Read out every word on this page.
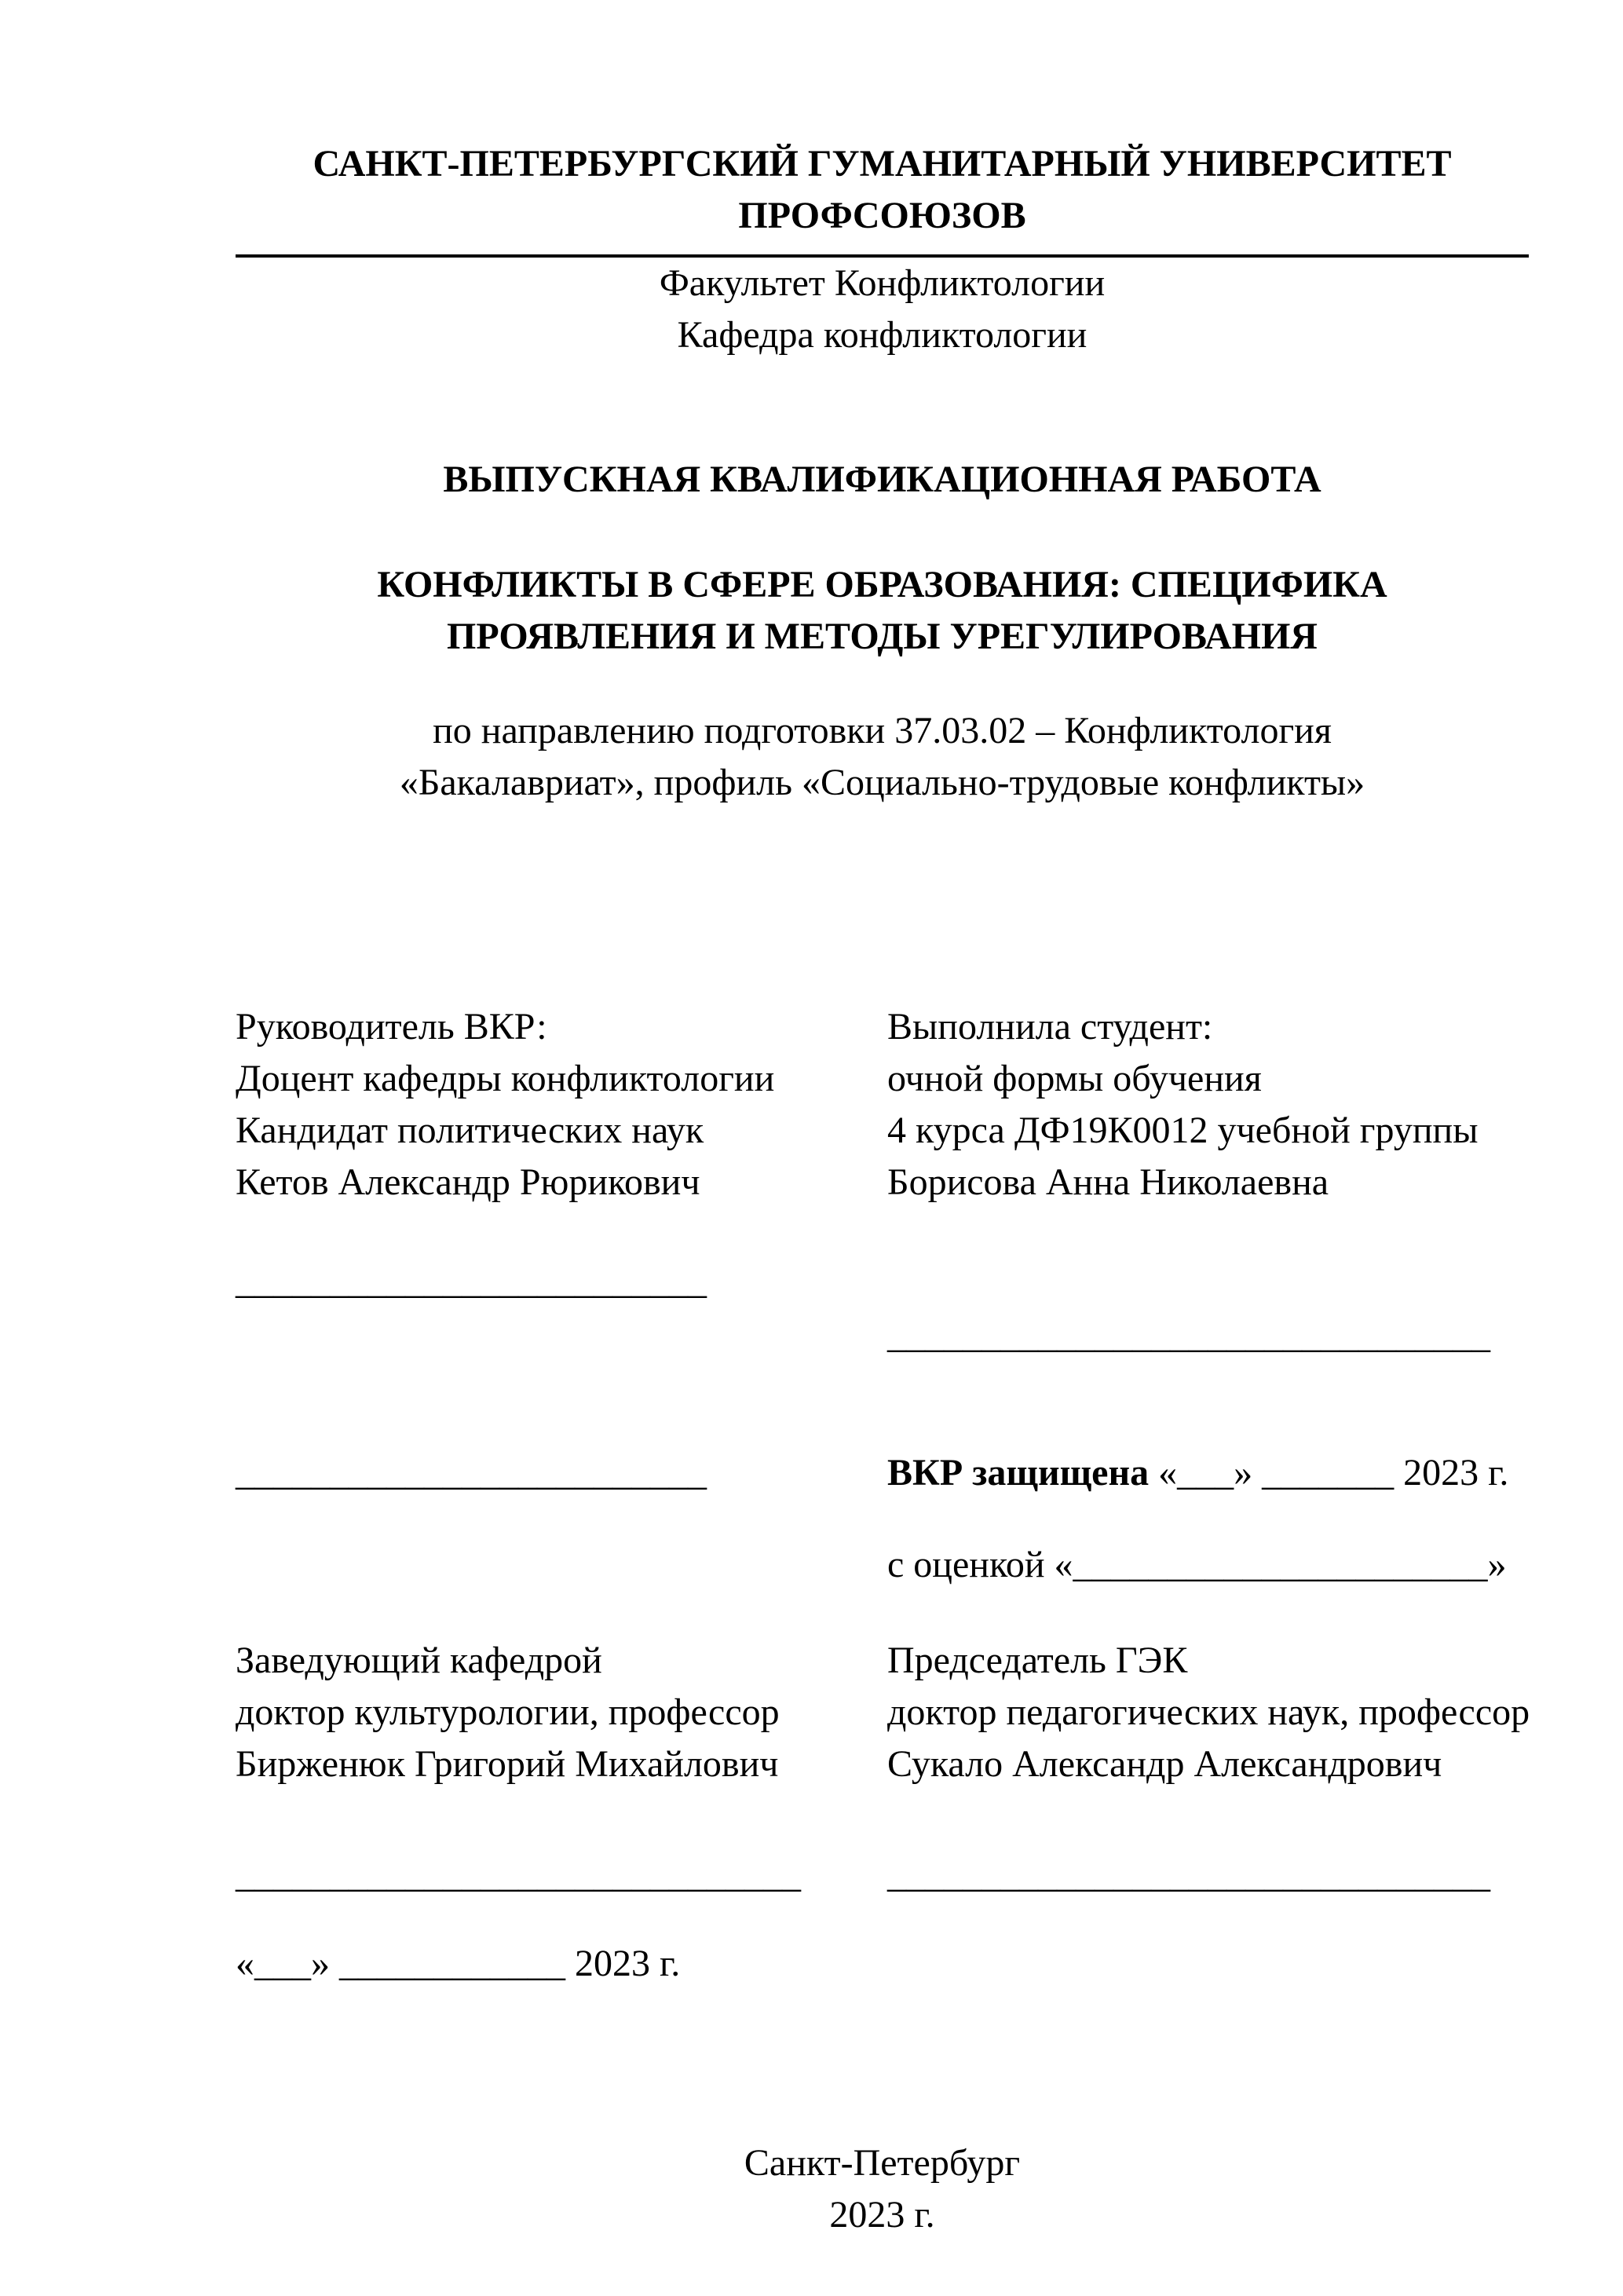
САНКТ-ПЕТЕРБУРГСКИЙ ГУМАНИТАРНЫЙ УНИВЕРСИТЕТ ПРОФСОЮЗОВ
Факультет Конфликтологии
Кафедра конфликтологии
ВЫПУСКНАЯ КВАЛИФИКАЦИОННАЯ РАБОТА
КОНФЛИКТЫ В СФЕРЕ ОБРАЗОВАНИЯ: СПЕЦИФИКА
ПРОЯВЛЕНИЯ И МЕТОДЫ УРЕГУЛИРОВАНИЯ
по направлению подготовки 37.03.02 – Конфликтология
«Бакалавриат», профиль «Социально-трудовые конфликты»
Руководитель ВКР:
Доцент кафедры конфликтологии
Кандидат политических наук
Кетов Александр Рюрикович
Выполнила студент:
очной формы обучения
4 курса ДФ19К0012 учебной группы
Борисова Анна Николаевна
_________________________
________________________________
_________________________	ВКР защищена «___» _______ 2023 г.
с оценкой «______________________»
Заведующий кафедрой
доктор культурологии, профессор
Бирженюк Григорий Михайлович
Председатель ГЭК
доктор педагогических наук, профессор
Сукало Александр Александрович
______________________________	________________________________
«___» ____________ 2023 г.
Санкт-Петербург
2023 г.
